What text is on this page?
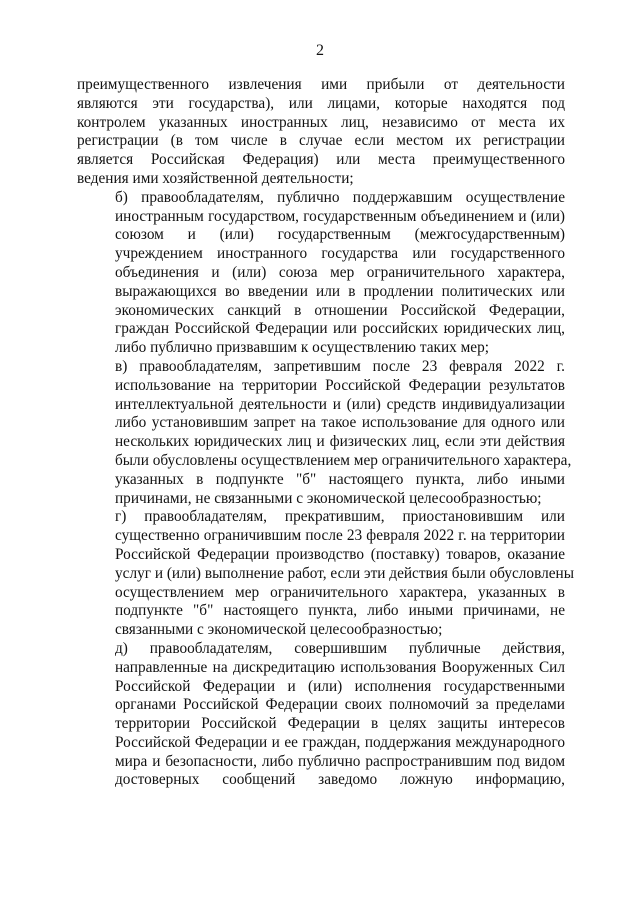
2
преимущественного извлечения ими прибыли от деятельности
являются эти государства), или лицами, которые находятся под
контролем указанных иностранных лиц, независимо от места их
регистрации (в том числе в случае если местом их регистрации
является Российская Федерация) или места преимущественного
ведения ими хозяйственной деятельности;
б) правообладателям, публично поддержавшим осуществление
иностранным государством, государственным объединением и (или)
союзом и (или) государственным (межгосударственным)
учреждением иностранного государства или государственного
объединения и (или) союза мер ограничительного характера,
выражающихся во введении или в продлении политических или
экономических санкций в отношении Российской Федерации,
граждан Российской Федерации или российских юридических лиц,
либо публично призвавшим к осуществлению таких мер;
в) правообладателям, запретившим после 23 февраля 2022 г.
использование на территории Российской Федерации результатов
интеллектуальной деятельности и (или) средств индивидуализации
либо установившим запрет на такое использование для одного или
нескольких юридических лиц и физических лиц, если эти действия
были обусловлены осуществлением мер ограничительного характера,
указанных в подпункте "б" настоящего пункта, либо иными
причинами, не связанными с экономической целесообразностью;
г) правообладателям, прекратившим, приостановившим или
существенно ограничившим после 23 февраля 2022 г. на территории
Российской Федерации производство (поставку) товаров, оказание
услуг и (или) выполнение работ, если эти действия были обусловлены
осуществлением мер ограничительного характера, указанных в
подпункте "б" настоящего пункта, либо иными причинами, не
связанными с экономической целесообразностью;
д) правообладателям, совершившим публичные действия,
направленные на дискредитацию использования Вооруженных Сил
Российской Федерации и (или) исполнения государственными
органами Российской Федерации своих полномочий за пределами
территории Российской Федерации в целях защиты интересов
Российской Федерации и ее граждан, поддержания международного
мира и безопасности, либо публично распространившим под видом
достоверных сообщений заведомо ложную информацию,
